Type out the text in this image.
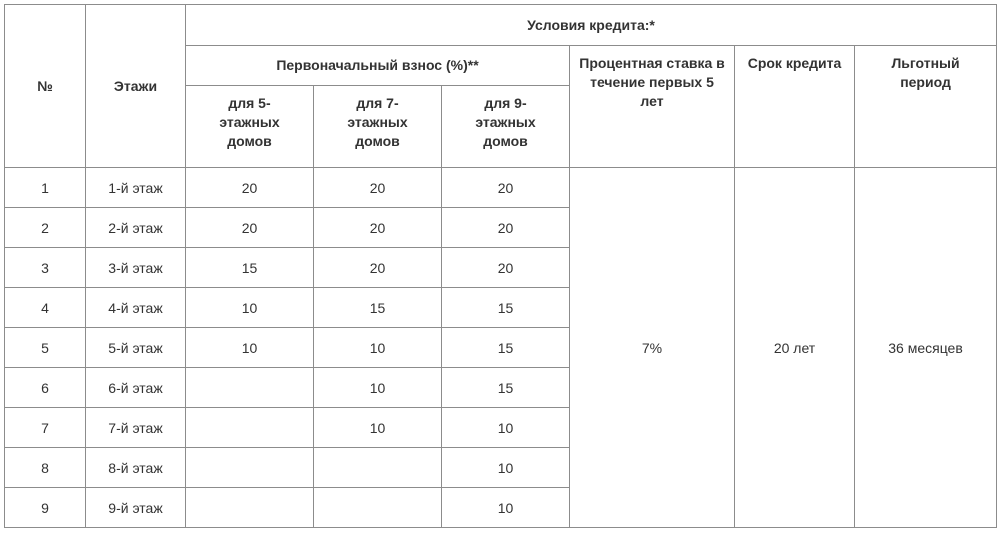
№	Этажи	Условия кредита:*					
		Первоначальный взнос (%)**			Процентная ставка в течение первых 5 лет	Срок кредита	Льготный период

		для 5-этажных домов	для 7-этажных домов	для 9-этажных домов			

1	1-й этаж	20	20	20	7%	20 лет	36 месяцев
2	2-й этаж	20	20	20			
3	3-й этаж	15	20	20			
4	4-й этаж	10	15	15			
5	5-й этаж	10	10	15			
6	6-й этаж		10	15			
7	7-й этаж		10	10			
8	8-й этаж			10			
9	9-й этаж			10			
